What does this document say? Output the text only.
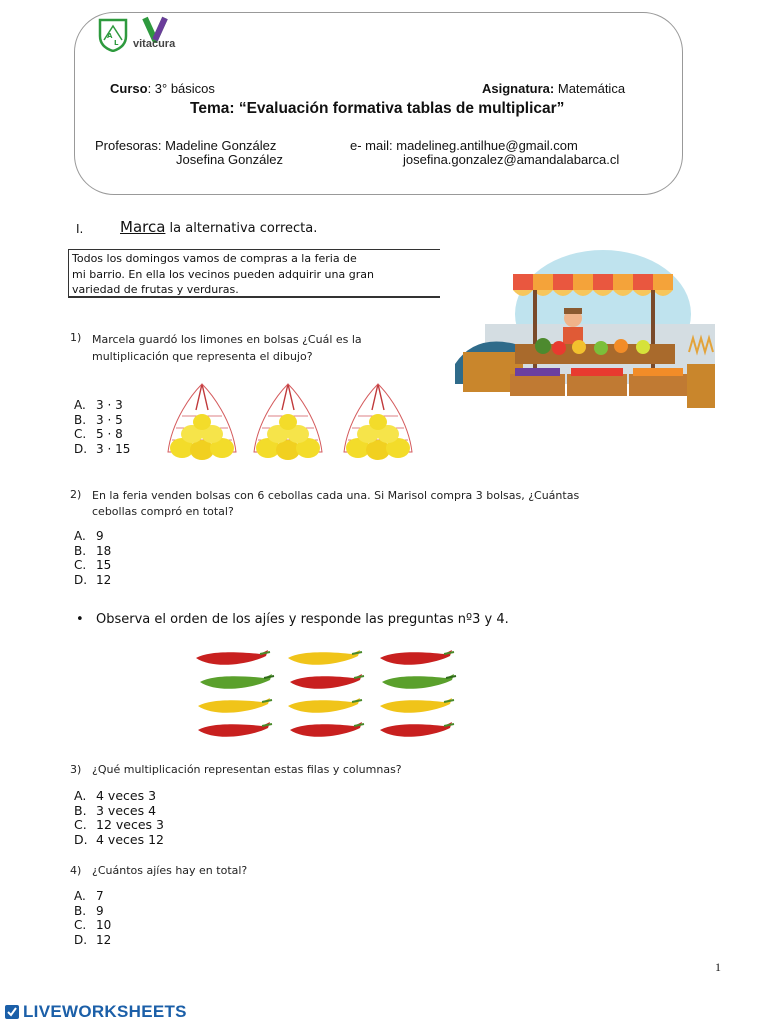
A
L vitacura
Curso: 3° básicos	Asignatura: Matemática
Tema: “Evaluación formativa tablas de multiplicar”
Profesoras: Madeline González
Josefina González
e- mail: madelineg.antilhue@gmail.com
josefina.gonzalez@amandalabarca.cl
I. Marca la alternativa correcta.
Todos los domingos vamos de compras a la feria de
mi barrio. En ella los vecinos pueden adquirir una gran
variedad de frutas y verduras.
1) Marcela guardó los limones en bolsas ¿Cuál es la
multiplicación que representa el dibujo?
A. 3 · 3
B. 3 · 5
C. 5 · 8
D. 3 · 15
2) En la feria venden bolsas con 6 cebollas cada una. Si Marisol compra 3 bolsas, ¿Cuántas
cebollas compró en total?
A. 9
B. 18
C. 15
D. 12
• Observa el orden de los ajíes y responde las preguntas nº3 y 4.
3) ¿Qué multiplicación representan estas filas y columnas?
A. 4 veces 3
B. 3 veces 4
C. 12 veces 3
D. 4 veces 12
4) ¿Cuántos ajíes hay en total?
A. 7
B. 9
C. 10
D. 12
1
LIVEWORKSHEETS
